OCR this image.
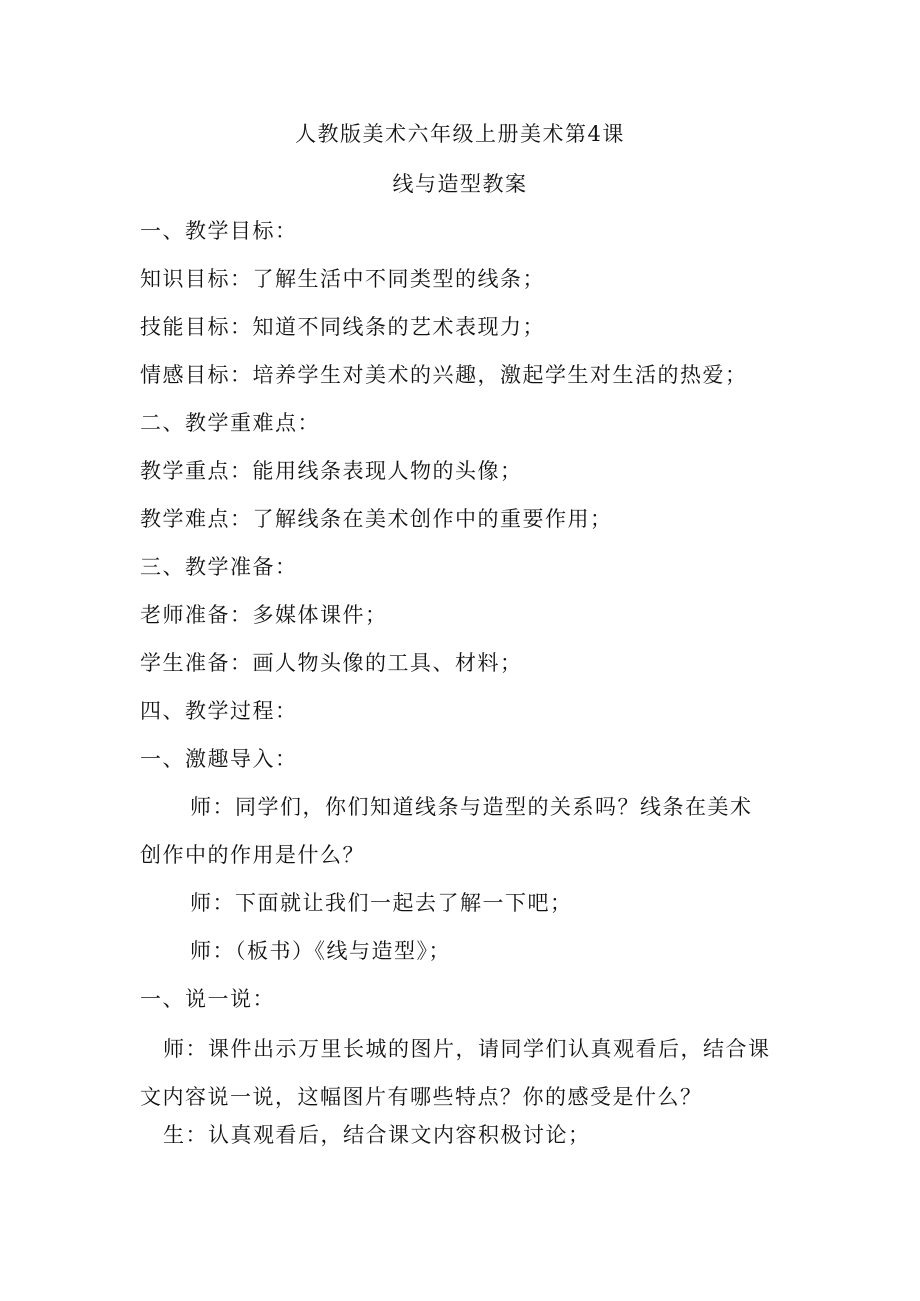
人教版美术六年级上册美术第4课
线与造型教案
一、教学目标：
知识目标：了解生活中不同类型的线条；
技能目标：知道不同线条的艺术表现力；
情感目标：培养学生对美术的兴趣，激起学生对生活的热爱；
二、教学重难点：
教学重点：能用线条表现人物的头像；
教学难点：了解线条在美术创作中的重要作用；
三、教学准备：
老师准备：多媒体课件；
学生准备：画人物头像的工具、材料；
四、教学过程：
一、激趣导入：
师：同学们，你们知道线条与造型的关系吗？线条在美术
创作中的作用是什么？
师：下面就让我们一起去了解一下吧；
师：（板书）《线与造型》；
一、说一说：
师：课件出示万里长城的图片，请同学们认真观看后，结合课
文内容说一说，这幅图片有哪些特点？你的感受是什么？
生：认真观看后，结合课文内容积极讨论；
